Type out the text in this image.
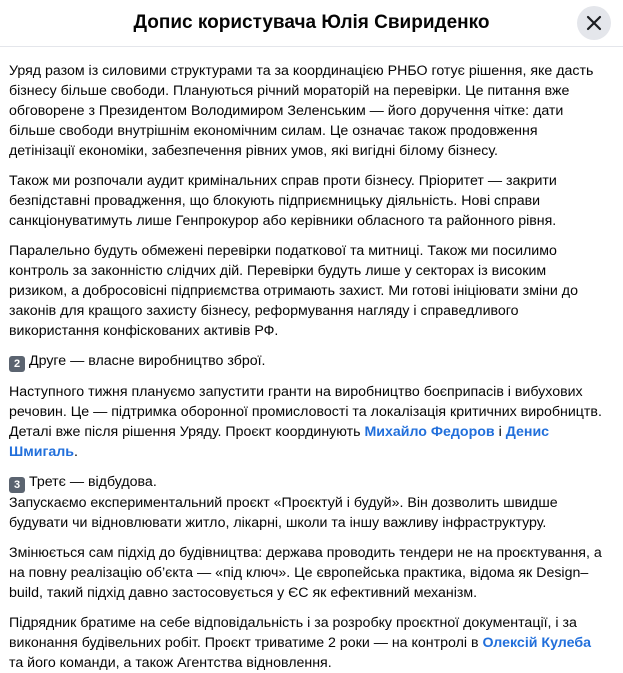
Допис користувача Юлія Свириденко

Уряд разом із силовими структурами та за координацією РНБО готує рішення, яке дасть бізнесу більше свободи. Плануються річний мораторій на перевірки. Це питання вже обговорене з Президентом Володимиром Зеленським — його доручення чітке: дати більше свободи внутрішнім економічним силам. Це означає також продовження детінізації економіки, забезпечення рівних умов, які вигідні білому бізнесу.

Також ми розпочали аудит кримінальних справ проти бізнесу. Пріоритет — закрити безпідставні провадження, що блокують підприємницьку діяльність. Нові справи санкціонуватимуть лише Генпрокурор або керівники обласного та районного рівня.

Паралельно будуть обмежені перевірки податкової та митниці. Також ми посилимо контроль за законністю слідчих дій. Перевірки будуть лише у секторах із високим ризиком, а добросовісні підприємства отримають захист. Ми готові ініціювати зміни до законів для кращого захисту бізнесу, реформування нагляду і справедливого використання конфіскованих активів РФ.

2 Друге — власне виробництво зброї.

Наступного тижня плануємо запустити гранти на виробництво боєприпасів і вибухових речовин. Це — підтримка оборонної промисловості та локалізація критичних виробництв. Деталі вже після рішення Уряду. Проєкт координують Михайло Федоров і Денис Шмигаль.

3 Третє — відбудова.

Запускаємо експериментальний проєкт «Проєктуй і будуй». Він дозволить швидше будувати чи відновлювати житло, лікарні, школи та іншу важливу інфраструктуру.

Змінюється сам підхід до будівництва: держава проводить тендери не на проєктування, а на повну реалізацію об’єкта — «під ключ». Це європейська практика, відома як Design–build, такий підхід давно застосовується у ЄС як ефективний механізм.

Підрядник братиме на себе відповідальність і за розробку проєктної документації, і за виконання будівельних робіт. Проєкт триватиме 2 роки — на контролі в Олексій Кулеба та його команди, а також Агентства відновлення.
